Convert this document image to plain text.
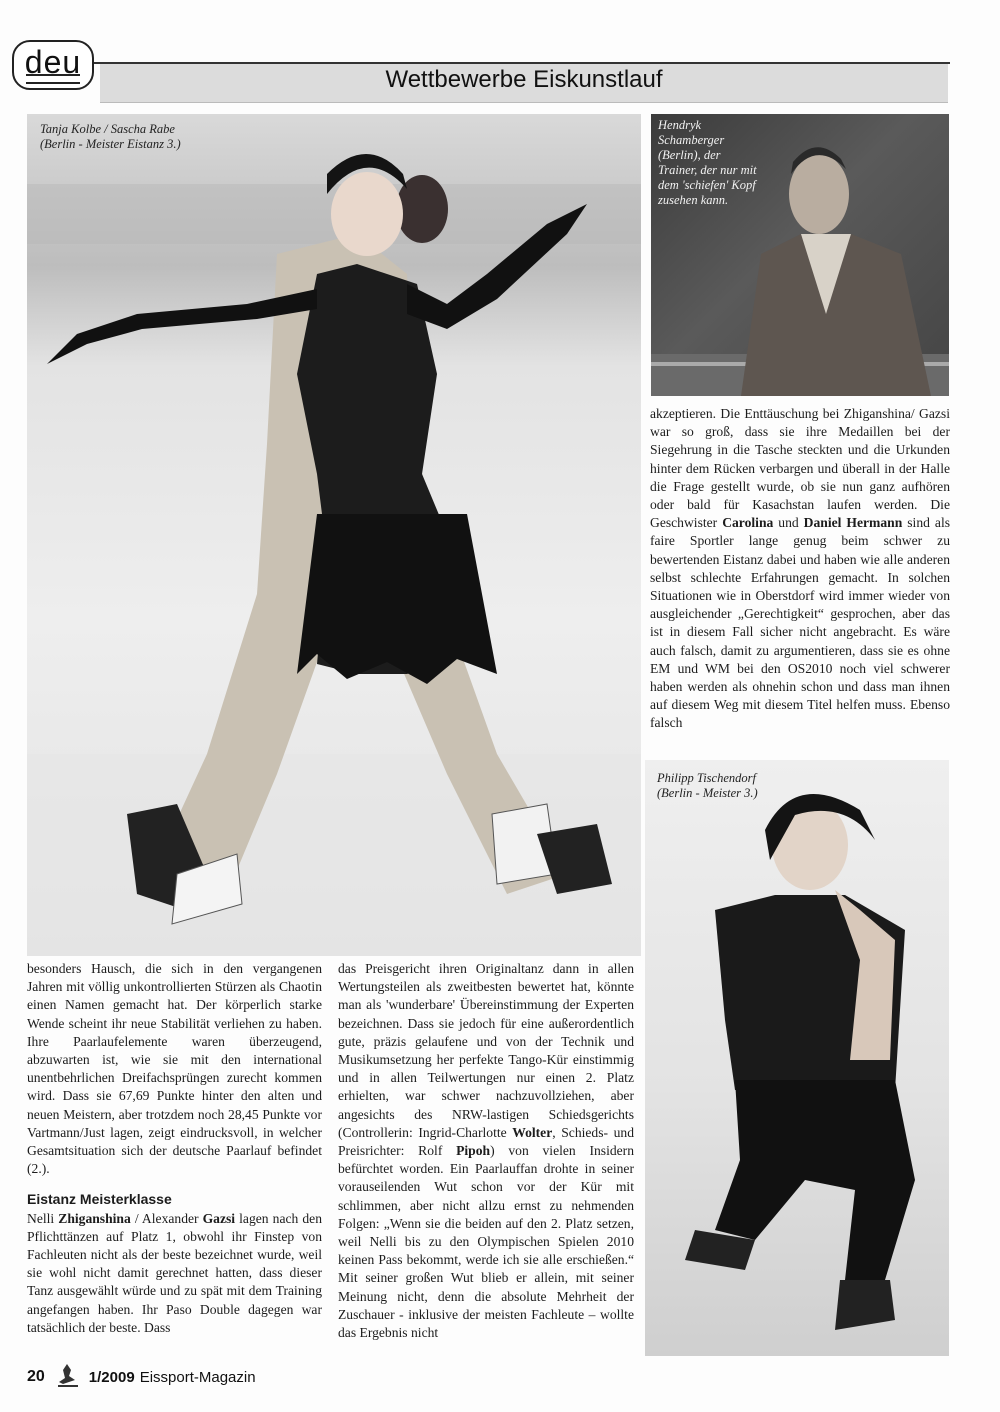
deu	Wettbewerbe Eiskunstlauf
Tanja Kolbe / Sascha Rabe
(Berlin - Meister Eistanz 3.)
Hendryk Schamberger (Berlin), der Trainer, der nur mit dem 'schiefen' Kopf zusehen kann.
Philipp Tischendorf
(Berlin - Meister 3.)

akzeptieren. Die Enttäuschung bei Zhiganshina/ Gazsi war so groß, dass sie ihre Medaillen bei der Siegehrung in die Tasche steckten und die Urkunden hinter dem Rücken verbargen und überall in der Halle die Frage gestellt wurde, ob sie nun ganz aufhören oder bald für Kasachstan laufen werden. Die Geschwister Carolina und Daniel Hermann sind als faire Sportler lange genug beim schwer zu bewertenden Eistanz dabei und haben wie alle anderen selbst schlechte Erfahrungen gemacht. In solchen Situationen wie in Oberstdorf wird immer wieder von ausgleichender „Gerechtigkeit“ gesprochen, aber das ist in diesem Fall sicher nicht angebracht. Es wäre auch falsch, damit zu argumentieren, dass sie es ohne EM und WM bei den OS2010 noch viel schwerer haben werden als ohnehin schon und dass man ihnen auf diesem Weg mit diesem Titel helfen muss. Ebenso falsch

besonders Hausch, die sich in den vergangenen Jahren mit völlig unkontrollierten Stürzen als Chaotin einen Namen gemacht hat. Der körperlich starke Wende scheint ihr neue Stabilität verliehen zu haben. Ihre Paarlaufelemente waren überzeugend, abzuwarten ist, wie sie mit den international unentbehrlichen Dreifachsprüngen zurecht kommen wird. Dass sie 67,69 Punkte hinter den alten und neuen Meistern, aber trotzdem noch 28,45 Punkte vor Vartmann/Just lagen, zeigt eindrucksvoll, in welcher Gesamtsituation sich der deutsche Paarlauf befindet (2.).

Eistanz Meisterklasse

Nelli Zhiganshina / Alexander Gazsi lagen nach den Pflichttänzen auf Platz 1, obwohl ihr Finstep von Fachleuten nicht als der beste bezeichnet wurde, weil sie wohl nicht damit gerechnet hatten, dass dieser Tanz ausgewählt würde und zu spät mit dem Training angefangen haben. Ihr Paso Double dagegen war tatsächlich der beste. Dass

das Preisgericht ihren Originaltanz dann in allen Wertungsteilen als zweitbesten bewertet hat, könnte man als 'wunderbare' Übereinstimmung der Experten bezeichnen. Dass sie jedoch für eine außerordentlich gute, präzis gelaufene und von der Technik und Musikumsetzung her perfekte Tango-Kür einstimmig und in allen Teilwertungen nur einen 2. Platz erhielten, war schwer nachzuvollziehen, aber angesichts des NRW-lastigen Schiedsgerichts (Controllerin: Ingrid-Charlotte Wolter, Schieds- und Preisrichter: Rolf Pipoh) von vielen Insidern befürchtet worden. Ein Paarlauffan drohte in seiner vorauseilenden Wut schon vor der Kür mit schlimmen, aber nicht allzu ernst zu nehmenden Folgen: „Wenn sie die beiden auf den 2. Platz setzen, weil Nelli bis zu den Olympischen Spielen 2010 keinen Pass bekommt, werde ich sie alle erschießen.“ Mit seiner großen Wut blieb er allein, mit seiner Meinung nicht, denn die absolute Mehrheit der Zuschauer - inklusive der meisten Fachleute – wollte das Ergebnis nicht

20	1/2009 Eissport-Magazin
